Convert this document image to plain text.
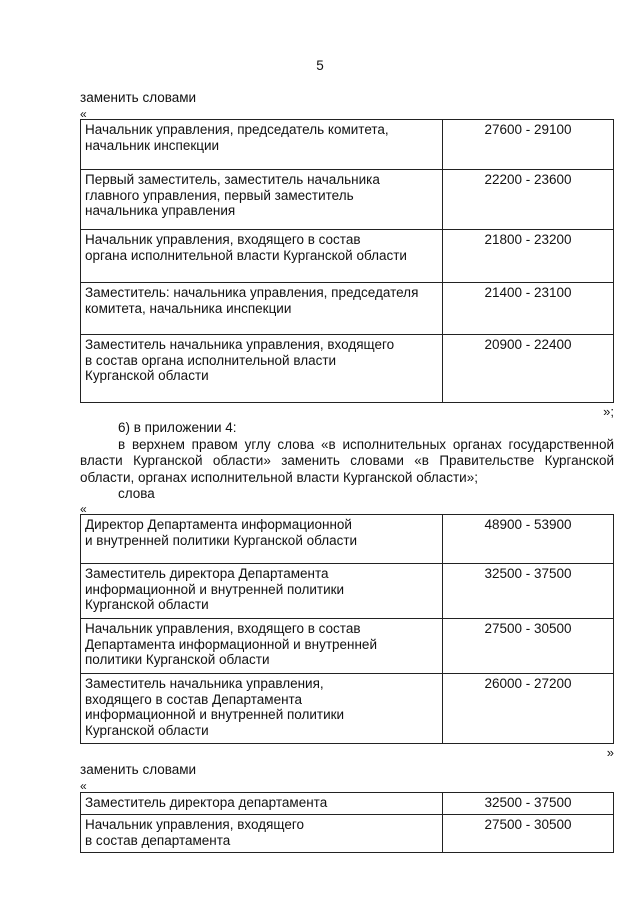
5
заменить словами
«
Начальник управления, председатель комитета,
начальник инспекции	27600 - 29100
Первый заместитель, заместитель начальника
главного управления, первый заместитель
начальника управления	22200 - 23600
Начальник управления, входящего в состав
органа исполнительной власти Курганской области	21800 - 23200
Заместитель: начальника управления, председателя
комитета, начальника инспекции	21400 - 23100
Заместитель начальника управления, входящего
в состав органа исполнительной власти
Курганской области	20900 - 22400
»;
6) в приложении 4:
в верхнем правом углу слова «в исполнительных органах государственной
власти Курганской области» заменить словами «в Правительстве Курганской
области, органах исполнительной власти Курганской области»;
слова
«
Директор Департамента информационной
и внутренней политики Курганской области	48900 - 53900
Заместитель директора Департамента
информационной и внутренней политики
Курганской области	32500 - 37500
Начальник управления, входящего в состав
Департамента информационной и внутренней
политики Курганской области	27500 - 30500
Заместитель начальника управления,
входящего в состав Департамента
информационной и внутренней политики
Курганской области	26000 - 27200
»
заменить словами
«
Заместитель директора департамента	32500 - 37500
Начальник управления, входящего
в состав департамента	27500 - 30500
